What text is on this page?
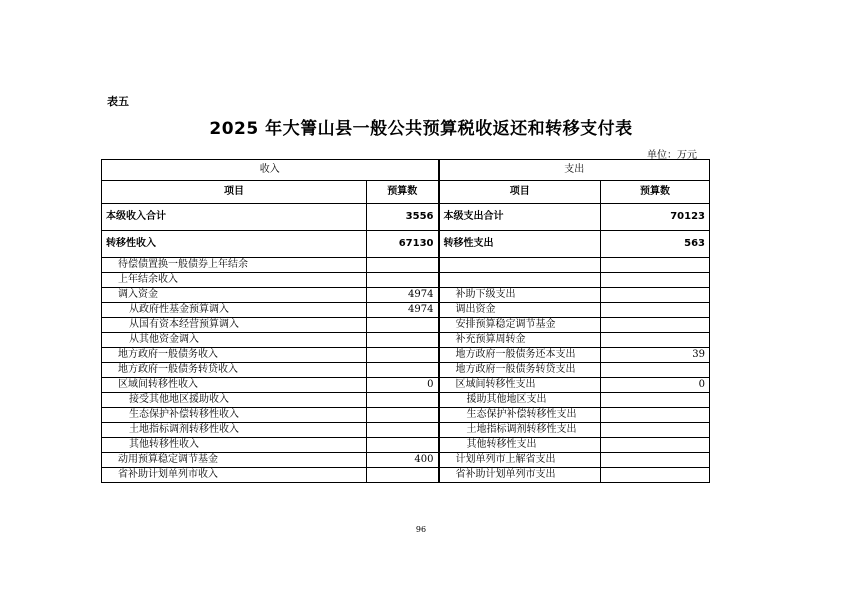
表五
2025 年大箐山县一般公共预算税收返还和转移支付表
单位：万元
收入		支出	
项目	预算数	项目	预算数
本级收入合计	3556	本级支出合计	70123
转移性收入	67130	转移性支出	563
待偿债置换一般债券上年结余			
上年结余收入			
调入资金	4974	补助下级支出	
从政府性基金预算调入	4974	调出资金	
从国有资本经营预算调入		安排预算稳定调节基金	
从其他资金调入		补充预算周转金	
地方政府一般债务收入		地方政府一般债务还本支出	39
地方政府一般债务转贷收入		地方政府一般债务转贷支出	
区域间转移性收入	0	区域间转移性支出	0
接受其他地区援助收入		援助其他地区支出	
生态保护补偿转移性收入		生态保护补偿转移性支出	
土地指标调剂转移性收入		土地指标调剂转移性支出	
其他转移性收入		其他转移性支出	
动用预算稳定调节基金	400	计划单列市上解省支出	
省补助计划单列市收入		省补助计划单列市支出	
96
